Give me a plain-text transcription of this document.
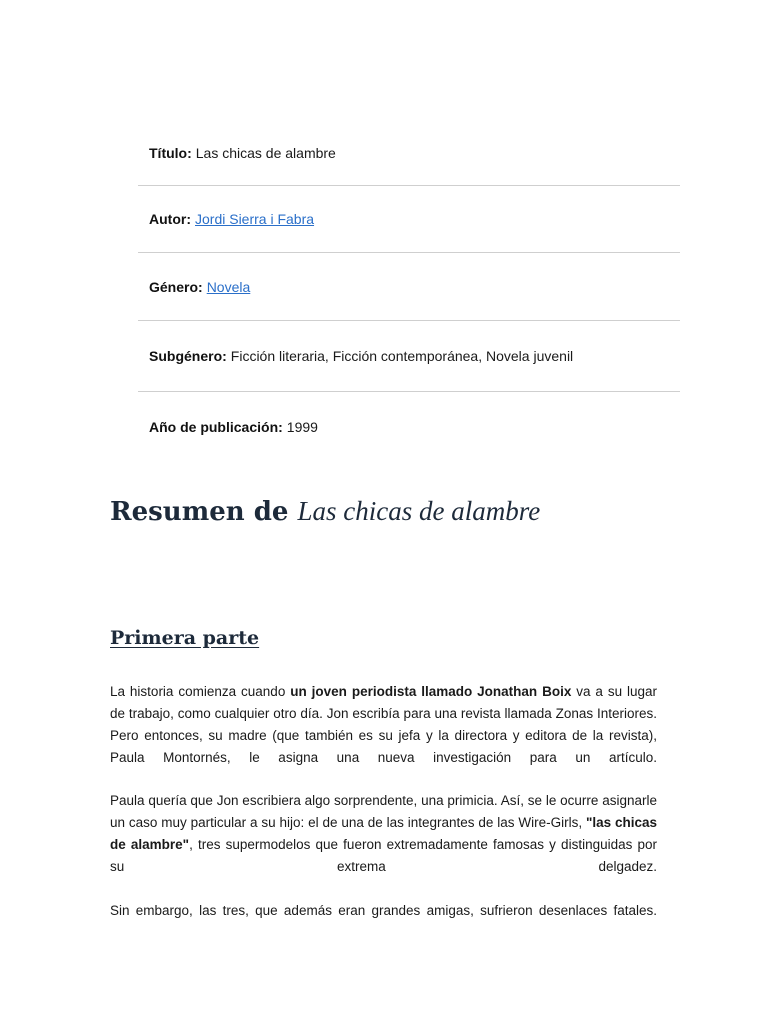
Título: Las chicas de alambre
Autor: Jordi Sierra i Fabra
Género: Novela
Subgénero: Ficción literaria, Ficción contemporánea, Novela juvenil
Año de publicación: 1999
Resumen de Las chicas de alambre
Primera parte

La historia comienza cuando un joven periodista llamado Jonathan Boix va a su lugar de trabajo, como cualquier otro día. Jon escribía para una revista llamada Zonas Interiores. Pero entonces, su madre (que también es su jefa y la directora y editora de la revista), Paula Montornés, le asigna una nueva investigación para un artículo.

Paula quería que Jon escribiera algo sorprendente, una primicia. Así, se le ocurre asignarle un caso muy particular a su hijo: el de una de las integrantes de las Wire-Girls, "las chicas de alambre", tres supermodelos que fueron extremadamente famosas y distinguidas por su extrema delgadez.

Sin embargo, las tres, que además eran grandes amigas, sufrieron desenlaces fatales.
